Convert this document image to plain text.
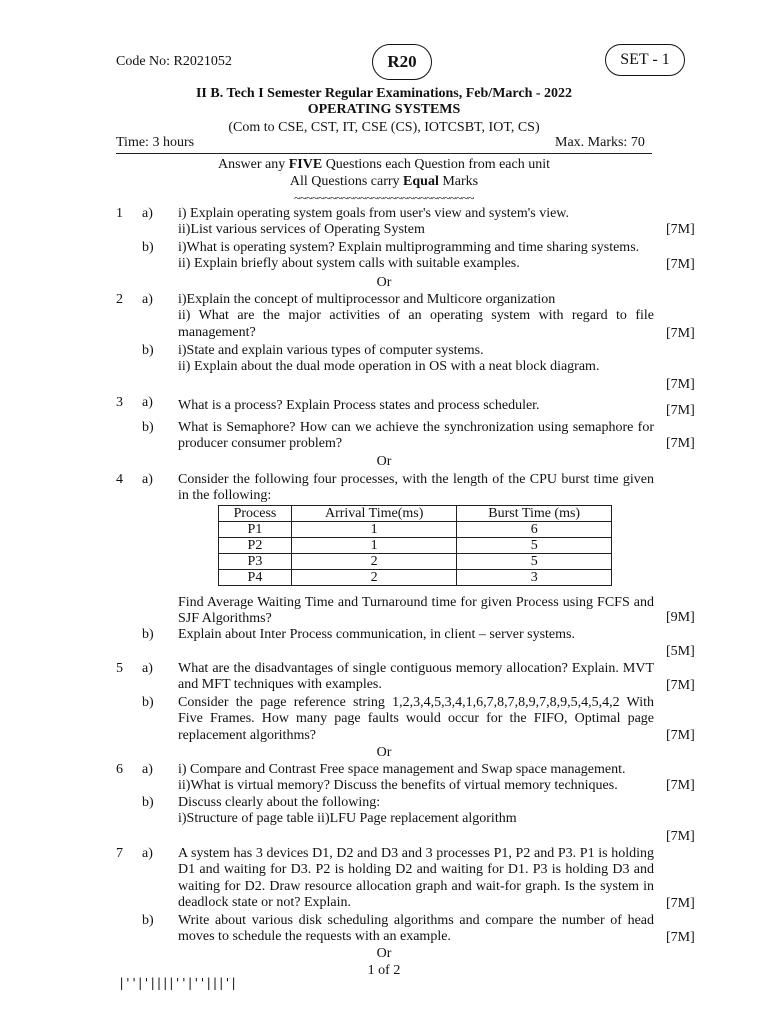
Code No: R2021052	R20	SET - 1
II B. Tech I Semester Regular Examinations, Feb/March - 2022
OPERATING SYSTEMS
(Com to CSE, CST, IT, CSE (CS), IOTCSBT, IOT, CS)
Time: 3 hours	Max. Marks: 70
Answer any FIVE Questions each Question from each unit
All Questions carry Equal Marks
~~~~~~~~~~~~~~~~~~~~~~~~~~~~~~
1	a)	i) Explain operating system goals from user's view and system's view.
ii)List various services of Operating System	[7M]
b)	i)What is operating system? Explain multiprogramming and time sharing systems.
ii) Explain briefly about system calls with suitable examples.	[7M]
Or
2	a)	i)Explain the concept of multiprocessor and Multicore organization
ii) What are the major activities of an operating system with regard to file management?	[7M]
b)	i)State and explain various types of computer systems.
ii) Explain about the dual mode operation in OS with a neat block diagram.
[7M]
3	a)	What is a process? Explain Process states and process scheduler.	[7M]
b)	What is Semaphore? How can we achieve the synchronization using semaphore for producer consumer problem?	[7M]
Or
4	a)	Consider the following four processes, with the length of the CPU burst time given in the following:
Process	Arrival Time(ms)	Burst Time (ms)
P1	1	6
P2	1	5
P3	2	5
P4	2	3
Find Average Waiting Time and Turnaround time for given Process using FCFS and SJF Algorithms?	[9M]
b)	Explain about Inter Process communication, in client – server systems.
[5M]
5	a)	What are the disadvantages of single contiguous memory allocation? Explain. MVT and MFT techniques with examples.	[7M]
b)	Consider the page reference string 1,2,3,4,5,3,4,1,6,7,8,7,8,9,7,8,9,5,4,5,4,2 With Five Frames. How many page faults would occur for the FIFO, Optimal page replacement algorithms?	[7M]
Or
6	a)	i) Compare and Contrast Free space management and Swap space management.
ii)What is virtual memory? Discuss the benefits of virtual memory techniques.	[7M]
b)	Discuss clearly about the following:
i)Structure of page table ii)LFU Page replacement algorithm
[7M]
7	a)	A system has 3 devices D1, D2 and D3 and 3 processes P1, P2 and P3. P1 is holding D1 and waiting for D3. P2 is holding D2 and waiting for D1. P3 is holding D3 and waiting for D2. Draw resource allocation graph and wait-for graph. Is the system in deadlock state or not? Explain.	[7M]
b)	Write about various disk scheduling algorithms and compare the number of head moves to schedule the requests with an example.	[7M]
Or
1 of 2
|''|'||||''|''|||'|
